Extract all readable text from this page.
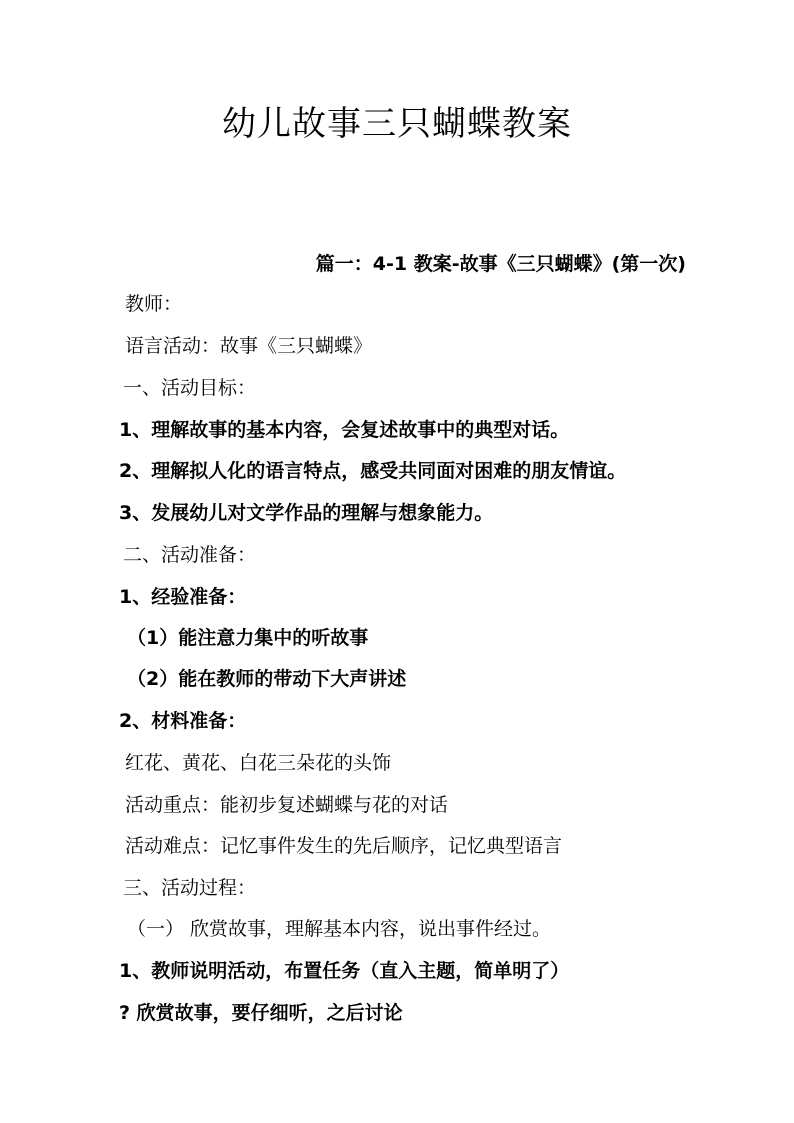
幼儿故事三只蝴蝶教案
篇一：4-1 教案-故事《三只蝴蝶》(第一次)
教师：
语言活动：故事《三只蝴蝶》
一、活动目标：
1、理解故事的基本内容，会复述故事中的典型对话。
2、理解拟人化的语言特点，感受共同面对困难的朋友情谊。
3、发展幼儿对文学作品的理解与想象能力。
二、活动准备：
1、经验准备：
（1）能注意力集中的听故事
（2）能在教师的带动下大声讲述
2、材料准备：
红花、黄花、白花三朵花的头饰
活动重点：能初步复述蝴蝶与花的对话
活动难点：记忆事件发生的先后顺序，记忆典型语言
三、活动过程：
（一） 欣赏故事，理解基本内容，说出事件经过。
1、教师说明活动，布置任务（直入主题，简单明了）
? 欣赏故事，要仔细听，之后讨论
